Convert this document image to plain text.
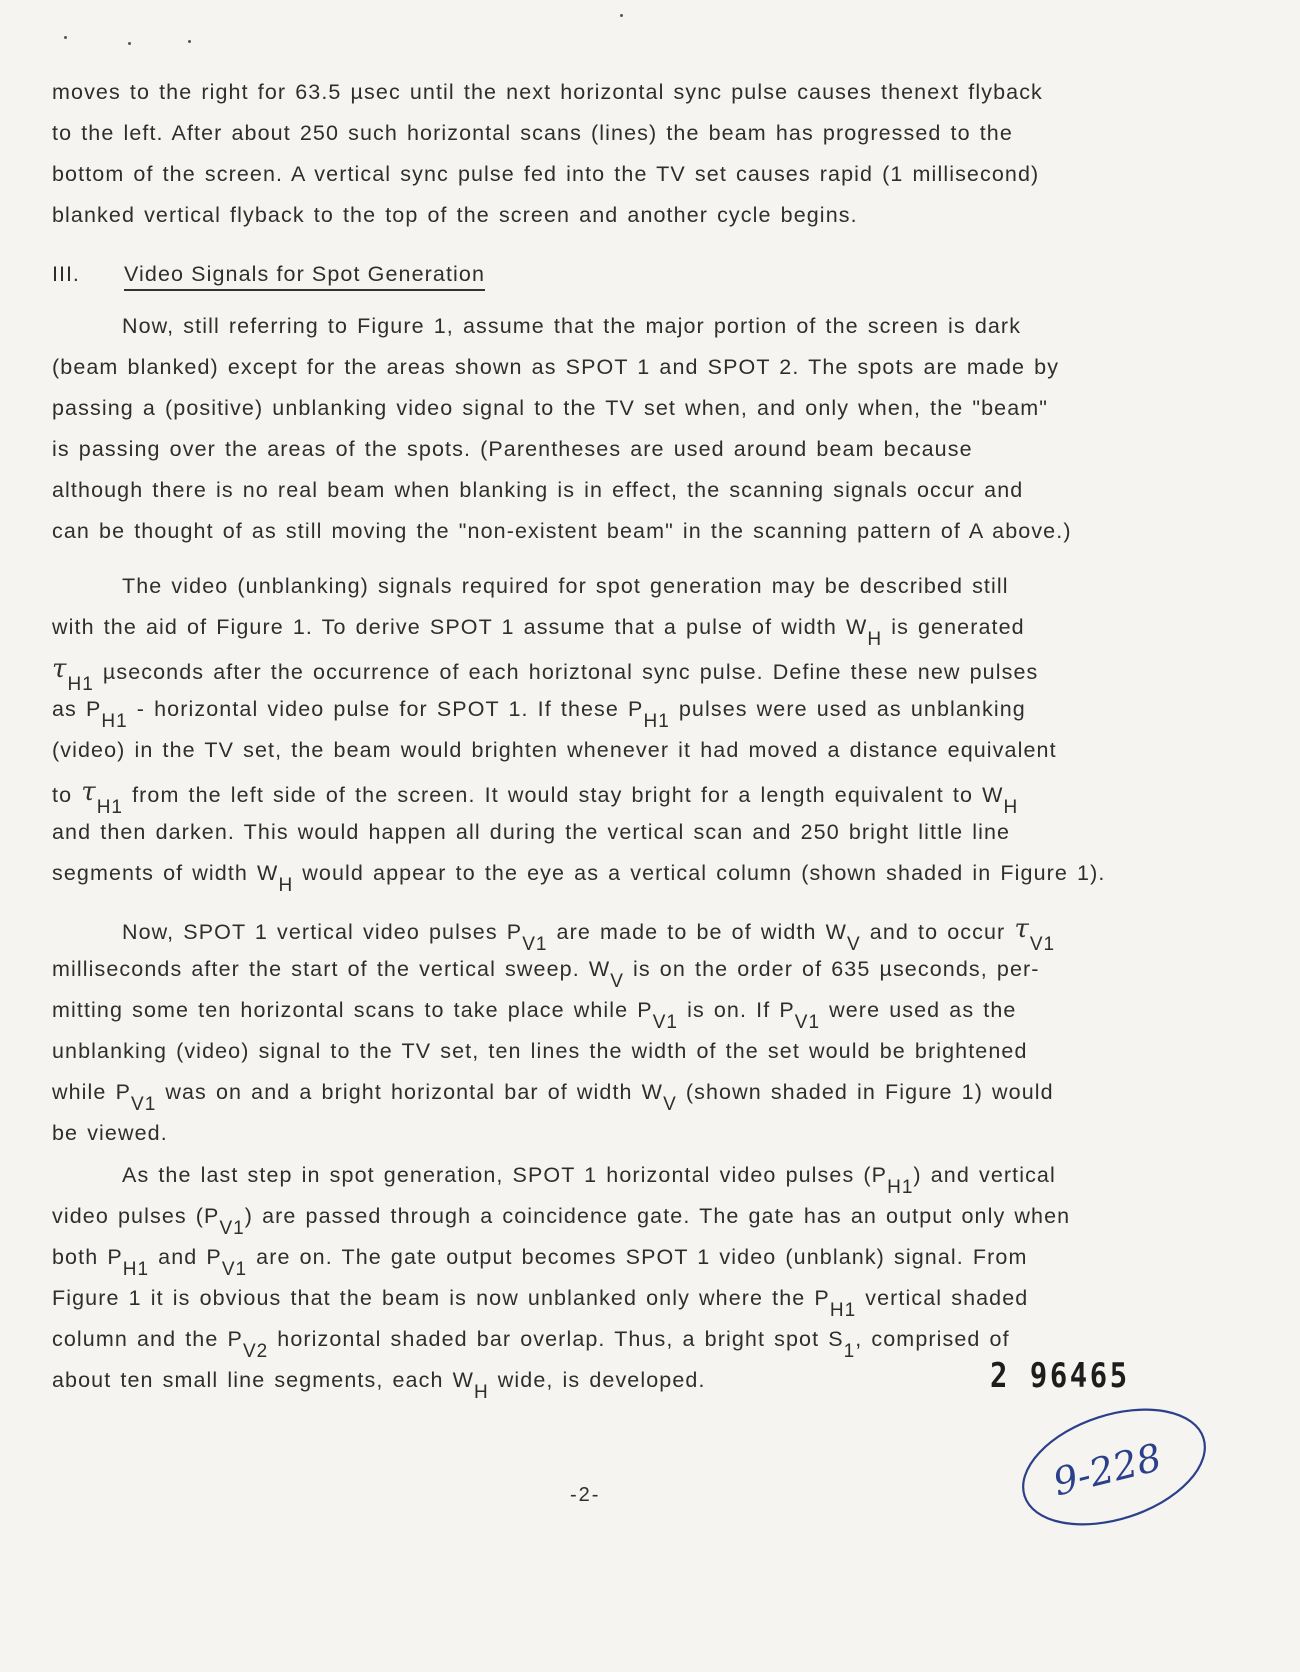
moves to the right for 63.5 µsec until the next horizontal sync pulse causes thenext flyback
to the left. After about 250 such horizontal scans (lines) the beam has progressed to the
bottom of the screen. A vertical sync pulse fed into the TV set causes rapid (1 millisecond)
blanked vertical flyback to the top of the screen and another cycle begins.
III. Video Signals for Spot Generation
Now, still referring to Figure 1, assume that the major portion of the screen is dark
(beam blanked) except for the areas shown as SPOT 1 and SPOT 2. The spots are made by
passing a (positive) unblanking video signal to the TV set when, and only when, the "beam"
is passing over the areas of the spots. (Parentheses are used around beam because
although there is no real beam when blanking is in effect, the scanning signals occur and
can be thought of as still moving the "non-existent beam" in the scanning pattern of A above.)
The video (unblanking) signals required for spot generation may be described still
with the aid of Figure 1. To derive SPOT 1 assume that a pulse of width WH is generated
τH1 µseconds after the occurrence of each horiztonal sync pulse. Define these new pulses
as PH1 - horizontal video pulse for SPOT 1. If these PH1 pulses were used as unblanking
(video) in the TV set, the beam would brighten whenever it had moved a distance equivalent
to τH1 from the left side of the screen. It would stay bright for a length equivalent to WH
and then darken. This would happen all during the vertical scan and 250 bright little line
segments of width WH would appear to the eye as a vertical column (shown shaded in Figure 1).
Now, SPOT 1 vertical video pulses PV1 are made to be of width WV and to occur τV1
milliseconds after the start of the vertical sweep. WV is on the order of 635 µseconds, per-
mitting some ten horizontal scans to take place while PV1 is on. If PV1 were used as the
unblanking (video) signal to the TV set, ten lines the width of the set would be brightened
while PV1 was on and a bright horizontal bar of width WV (shown shaded in Figure 1) would
be viewed.
As the last step in spot generation, SPOT 1 horizontal video pulses (PH1) and vertical
video pulses (PV1) are passed through a coincidence gate. The gate has an output only when
both PH1 and PV1 are on. The gate output becomes SPOT 1 video (unblank) signal. From
Figure 1 it is obvious that the beam is now unblanked only where the PH1 vertical shaded
column and the PV2 horizontal shaded bar overlap. Thus, a bright spot S1, comprised of
about ten small line segments, each WH wide, is developed.	2 96465
9-228
-2-
